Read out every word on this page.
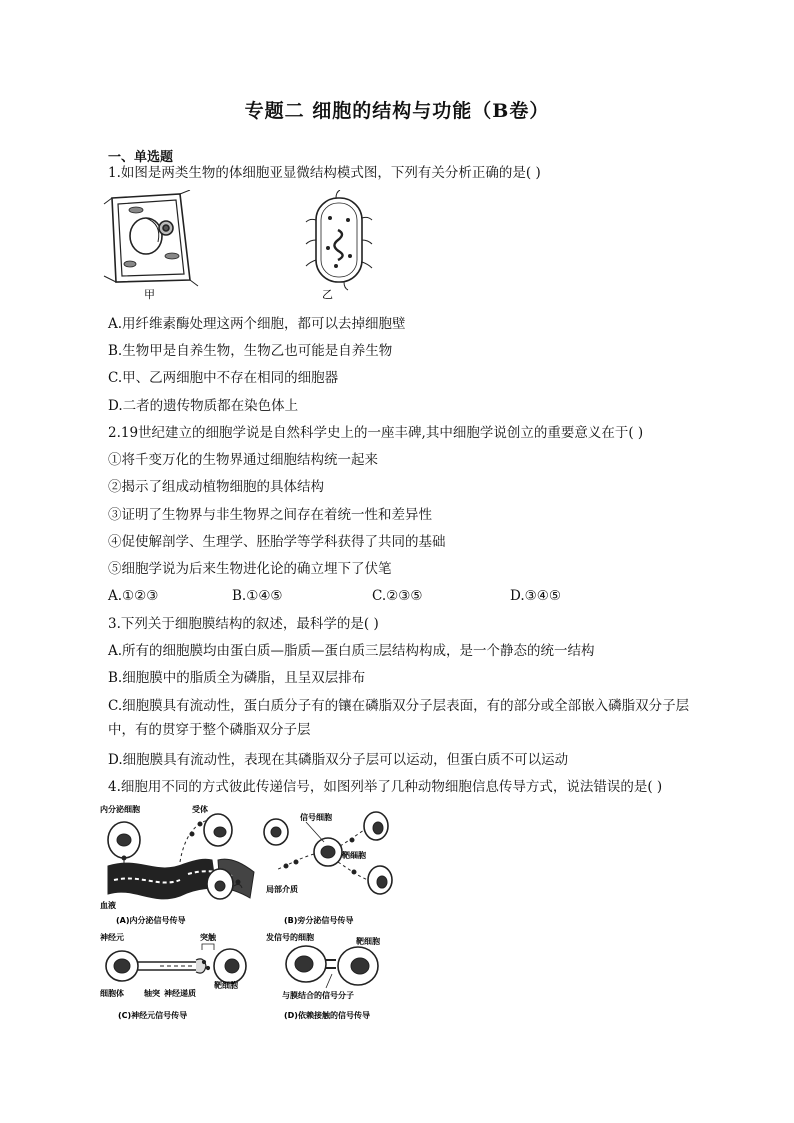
专题二 细胞的结构与功能（B卷）
一、单选题
1.如图是两类生物的体细胞亚显微结构模式图，下列有关分析正确的是( )
甲	乙
A.用纤维素酶处理这两个细胞，都可以去掉细胞壁
B.生物甲是自养生物，生物乙也可能是自养生物
C.甲、乙两细胞中不存在相同的细胞器
D.二者的遗传物质都在染色体上
2.19世纪建立的细胞学说是自然科学史上的一座丰碑,其中细胞学说创立的重要意义在于( )
①将千变万化的生物界通过细胞结构统一起来
②揭示了组成动植物细胞的具体结构
③证明了生物界与非生物界之间存在着统一性和差异性
④促使解剖学、生理学、胚胎学等学科获得了共同的基础
⑤细胞学说为后来生物进化论的确立埋下了伏笔
A.①②③	B.①④⑤	C.②③⑤	D.③④⑤
3.下列关于细胞膜结构的叙述，最科学的是( )
A.所有的细胞膜均由蛋白质—脂质—蛋白质三层结构构成，是一个静态的统一结构
B.细胞膜中的脂质全为磷脂，且呈双层排布
C.细胞膜具有流动性，蛋白质分子有的镶在磷脂双分子层表面，有的部分或全部嵌入磷脂双分子层
中，有的贯穿于整个磷脂双分子层
D.细胞膜具有流动性，表现在其磷脂双分子层可以运动，但蛋白质不可以运动
4.细胞用不同的方式彼此传递信号，如图列举了几种动物细胞信息传导方式，说法错误的是( )
内分泌细胞	受体
血液
(A)内分泌信号传导
信号细胞
靶细胞
局部介质
(B)旁分泌信号传导
神经元	突触
细胞体	轴突 神经递质
靶细胞
(C)神经元信号传导
发信号的细胞	靶细胞
与膜结合的信号分子
(D)依赖接触的信号传导
